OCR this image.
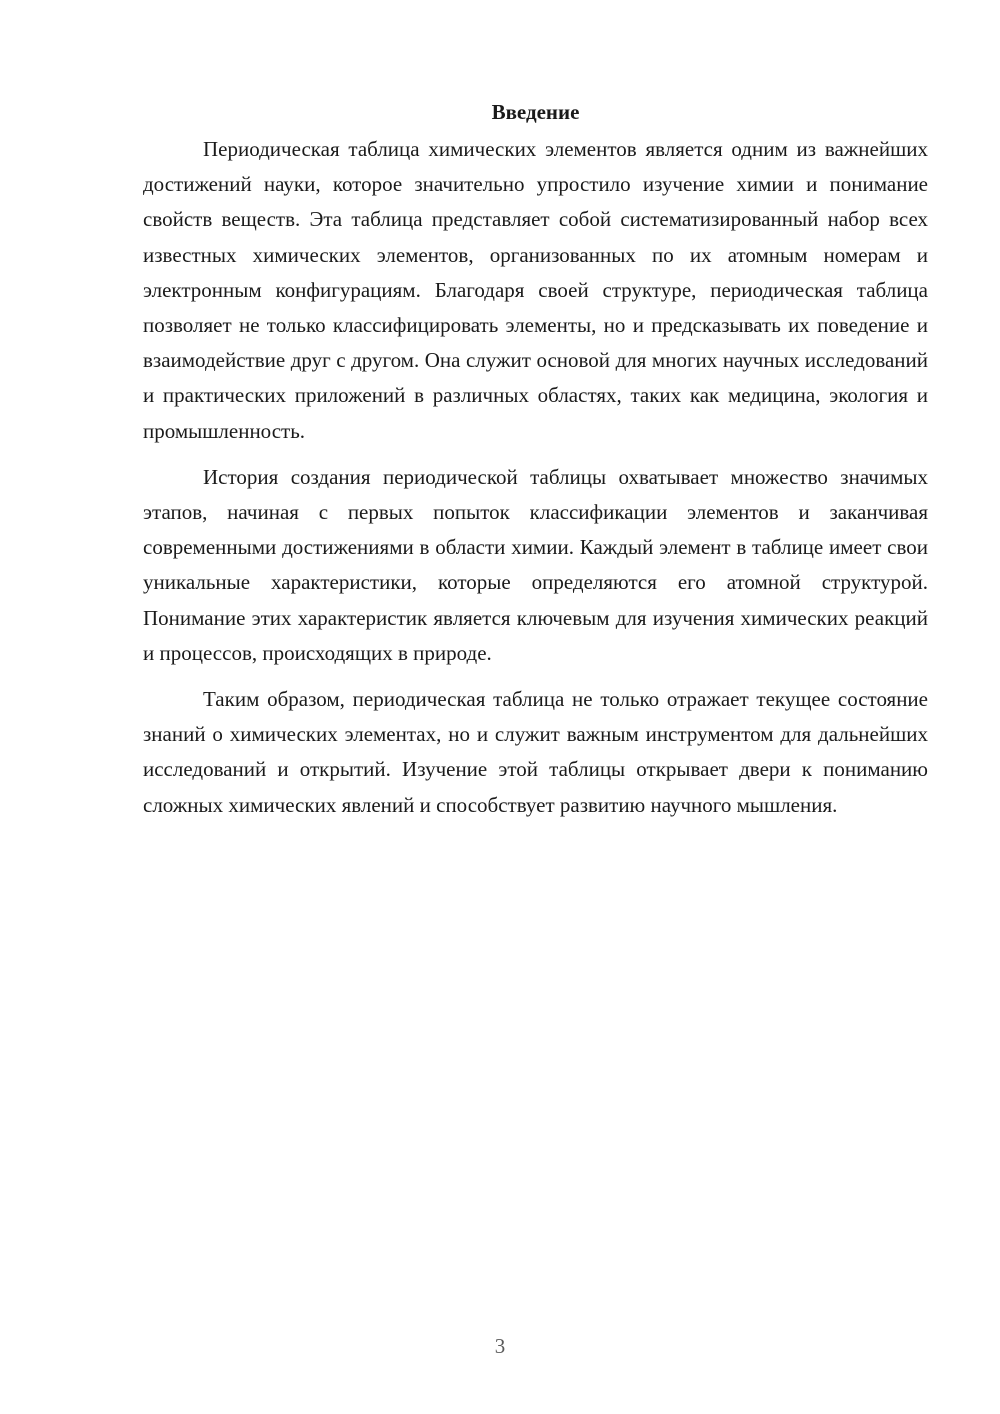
Введение

Периодическая таблица химических элементов является одним из важнейших достижений науки, которое значительно упростило изучение химии и понимание свойств веществ. Эта таблица представляет собой систематизированный набор всех известных химических элементов, организованных по их атомным номерам и электронным конфигурациям. Благодаря своей структуре, периодическая таблица позволяет не только классифицировать элементы, но и предсказывать их поведение и взаимодействие друг с другом. Она служит основой для многих научных исследований и практических приложений в различных областях, таких как медицина, экология и промышленность.

История создания периодической таблицы охватывает множество значимых этапов, начиная с первых попыток классификации элементов и заканчивая современными достижениями в области химии. Каждый элемент в таблице имеет свои уникальные характеристики, которые определяются его атомной структурой. Понимание этих характеристик является ключевым для изучения химических реакций и процессов, происходящих в природе.

Таким образом, периодическая таблица не только отражает текущее состояние знаний о химических элементах, но и служит важным инструментом для дальнейших исследований и открытий. Изучение этой таблицы открывает двери к пониманию сложных химических явлений и способствует развитию научного мышления.

3
